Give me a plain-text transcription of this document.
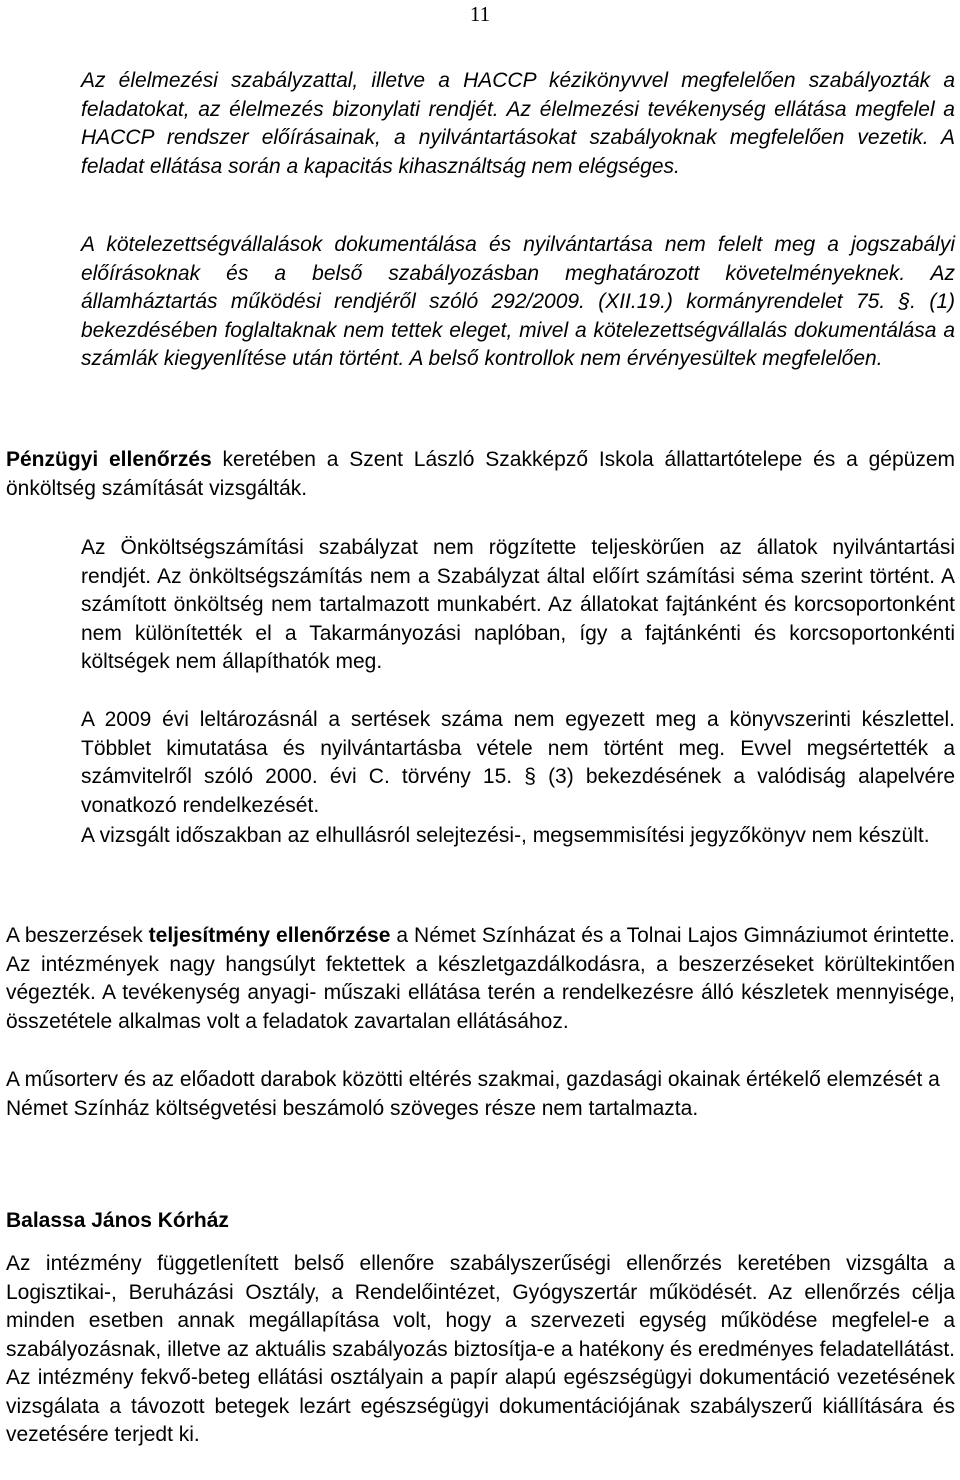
11

Az élelmezési szabályzattal, illetve a HACCP kézikönyvvel megfelelően szabályozták a feladatokat, az élelmezés bizonylati rendjét. Az élelmezési tevékenység ellátása megfelel a HACCP rendszer előírásainak, a nyilvántartásokat szabályoknak megfelelően vezetik. A feladat ellátása során a kapacitás kihasználtság nem elégséges.

A kötelezettségvállalások dokumentálása és nyilvántartása nem felelt meg a jogszabályi előírásoknak és a belső szabályozásban meghatározott követelményeknek. Az államháztartás működési rendjéről szóló 292/2009. (XII.19.) kormányrendelet 75. §. (1) bekezdésében foglaltaknak nem tettek eleget, mivel a kötelezettségvállalás dokumentálása a számlák kiegyenlítése után történt. A belső kontrollok nem érvényesültek megfelelően.

Pénzügyi ellenőrzés keretében a Szent László Szakképző Iskola állattartótelepe és a gépüzem önköltség számítását vizsgálták.

Az Önköltségszámítási szabályzat nem rögzítette teljeskörűen az állatok nyilvántartási rendjét. Az önköltségszámítás nem a Szabályzat által előírt számítási séma szerint történt. A számított önköltség nem tartalmazott munkabért. Az állatokat fajtánként és korcsoportonként nem különítették el a Takarmányozási naplóban, így a fajtánkénti és korcsoportonkénti költségek nem állapíthatók meg.

A 2009 évi leltározásnál a sertések száma nem egyezett meg a könyvszerinti készlettel. Többlet kimutatása és nyilvántartásba vétele nem történt meg. Evvel megsértették a számvitelről szóló 2000. évi C. törvény 15. § (3) bekezdésének a valódiság alapelvére vonatkozó rendelkezését.

A vizsgált időszakban az elhullásról selejtezési-, megsemmisítési jegyzőkönyv nem készült.

A beszerzések teljesítmény ellenőrzése a Német Színházat és a Tolnai Lajos Gimnáziumot érintette. Az intézmények nagy hangsúlyt fektettek a készletgazdálkodásra, a beszerzéseket körültekintően végezték. A tevékenység anyagi- műszaki ellátása terén a rendelkezésre álló készletek mennyisége, összetétele alkalmas volt a feladatok zavartalan ellátásához.

A műsorterv és az előadott darabok közötti eltérés szakmai, gazdasági okainak értékelő elemzését a Német Színház költségvetési beszámoló szöveges része nem tartalmazta.

Balassa János Kórház

Az intézmény függetlenített belső ellenőre szabályszerűségi ellenőrzés keretében vizsgálta a Logisztikai-, Beruházási Osztály, a Rendelőintézet, Gyógyszertár működését. Az ellenőrzés célja minden esetben annak megállapítása volt, hogy a szervezeti egység működése megfelel-e a szabályozásnak, illetve az aktuális szabályozás biztosítja-e a hatékony és eredményes feladatellátást. Az intézmény fekvő-beteg ellátási osztályain a papír alapú egészségügyi dokumentáció vezetésének vizsgálata a távozott betegek lezárt egészségügyi dokumentációjának szabályszerű kiállítására és vezetésére terjedt ki.
